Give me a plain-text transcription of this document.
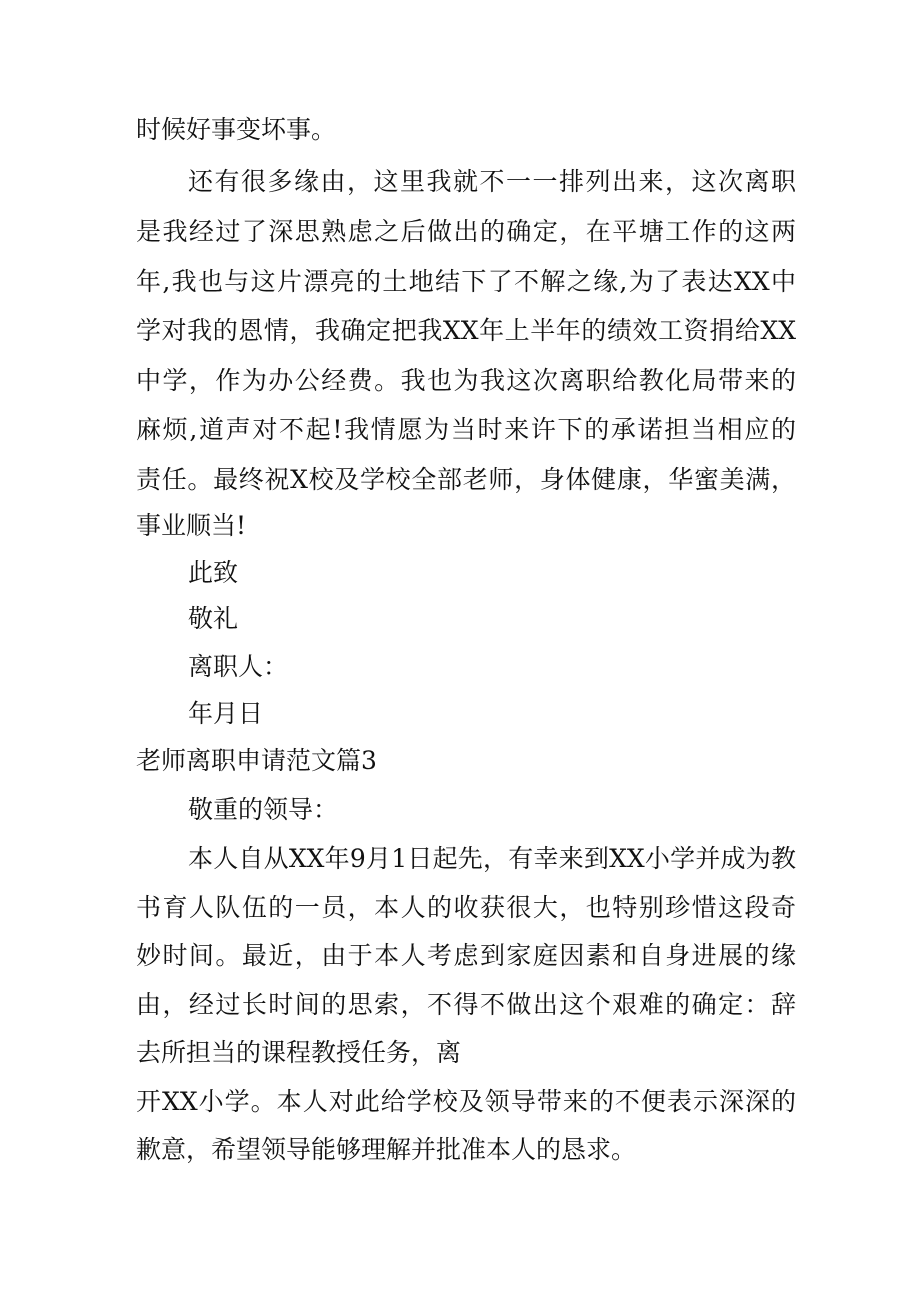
时候好事变坏事。

还有很多缘由，这里我就不一一排列出来，这次离职

是我经过了深思熟虑之后做出的确定，在平塘工作的这两

年,我也与这片漂亮的土地结下了不解之缘,为了表达XX中

学对我的恩情，我确定把我XX年上半年的绩效工资捐给XX

中学，作为办公经费。我也为我这次离职给教化局带来的

麻烦,道声对不起!我情愿为当时来许下的承诺担当相应的

责任。最终祝X校及学校全部老师，身体健康，华蜜美满，

事业顺当!

此致

敬礼

离职人：

年月日

老师离职申请范文篇3

敬重的领导：

本人自从XX年9月1日起先，有幸来到XX小学并成为教

书育人队伍的一员，本人的收获很大，也特别珍惜这段奇

妙时间。最近，由于本人考虑到家庭因素和自身进展的缘

由，经过长时间的思索，不得不做出这个艰难的确定：辞

去所担当的课程教授任务，离

开XX小学。本人对此给学校及领导带来的不便表示深深的

歉意，希望领导能够理解并批准本人的恳求。
